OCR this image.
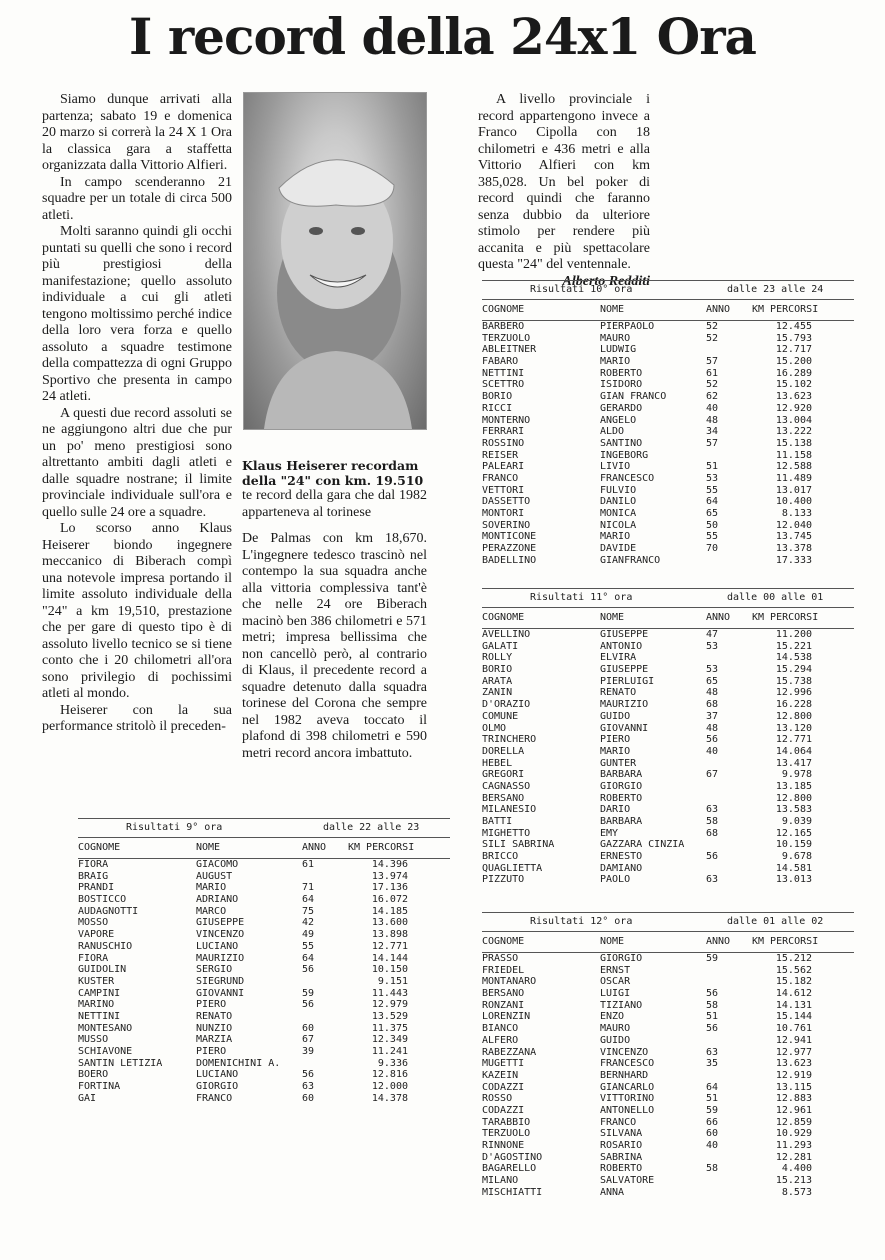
I record della 24x1 Ora

Siamo dunque arrivati alla partenza; sabato 19 e domenica 20 marzo si correrà la 24 X 1 Ora la classica gara a staffetta organizzata dalla Vittorio Alfieri.

In campo scenderanno 21 squadre per un totale di circa 500 atleti.

Molti saranno quindi gli occhi puntati su quelli che sono i record più prestigiosi della manifestazione; quello assoluto individuale a cui gli atleti tengono moltissimo perché indice della loro vera forza e quello assoluto a squadre testimone della compattezza di ogni Gruppo Sportivo che presenta in campo 24 atleti.

A questi due record assoluti se ne aggiungono altri due che pur un po' meno prestigiosi sono altrettanto ambiti dagli atleti e dalle squadre nostrane; il limite provinciale individuale sull'ora e quello sulle 24 ore a squadre.

Lo scorso anno Klaus Heiserer biondo ingegnere meccanico di Biberach compì una notevole impresa portando il limite assoluto individuale della "24" a km 19,510, prestazione che per gare di questo tipo è di assoluto livello tecnico se si tiene conto che i 20 chilometri all'ora sono privilegio di pochissimi atleti al mondo.

Heiserer con la sua performance stritolò il preceden-

Klaus Heiserer recordam della "24" con km. 19.510
te record della gara che dal 1982 apparteneva al torinese
De Palmas con km 18,670. L'ingegnere tedesco trascinò nel contempo la sua squadra anche alla vittoria complessiva tant'è che nelle 24 ore Biberach macinò ben 386 chilometri e 571 metri; impresa bellissima che non cancellò però, al contrario di Klaus, il precedente record a squadre detenuto dalla squadra torinese del Corona che sempre nel 1982 aveva toccato il plafond di 398 chilometri e 590 metri record ancora imbattuto.

A livello provinciale i record appartengono invece a Franco Cipolla con 18 chilometri e 436 metri e alla Vittorio Alfieri con km 385,028. Un bel poker di record quindi che faranno senza dubbio da ulteriore stimolo per rendere più accanita e più spettacolare questa "24" del ventennale.

Alberto Redditi
Risultati 10° ora	dalle 23 alle 24
COGNOME	NOME	ANNO KM PERCORSI
BARBERO	PIERPAOLO	52	12.455
TERZUOLO	MAURO	52	15.793
ABLEITNER	LUDWIG	12.717
FABARO	MARIO	57	15.200
NETTINI	ROBERTO	61	16.289
SCETTRO	ISIDORO	52	15.102
BORIO	GIAN FRANCO	62	13.623
RICCI	GERARDO	40	12.920
MONTERNO	ANGELO	48	13.004
FERRARI	ALDO	34	13.222
ROSSINO	SANTINO	57	15.138
REISER	INGEBORG	11.158
PALEARI	LIVIO	51	12.588
FRANCO	FRANCESCO	53	11.489
VETTORI	FULVIO	55	13.017
DASSETTO	DANILO	64	10.400
MONTORI	MONICA	65	8.133
SOVERINO	NICOLA	50	12.040
MONTICONE	MARIO	55	13.745
PERAZZONE	DAVIDE	70	13.378
BADELLINO	GIANFRANCO	17.333
Risultati 11° ora	dalle 00 alle 01
COGNOME	NOME	ANNO KM PERCORSI
AVELLINO	GIUSEPPE	47	11.200
GALATI	ANTONIO	53	15.221
ROLLY	ELVIRA	14.538
BORIO	GIUSEPPE	53	15.294
ARATA	PIERLUIGI	65	15.738
ZANIN	RENATO	48	12.996
D'ORAZIO	MAURIZIO	68	16.228
COMUNE	GUIDO	37	12.800
OLMO	GIOVANNI	48	13.120
TRINCHERO	PIERO	56	12.771
DORELLA	MARIO	40	14.064
HEBEL	GUNTER	13.417
GREGORI	BARBARA	67	9.978
CAGNASSO	GIORGIO	13.185
BERSANO	ROBERTO	12.800
MILANESIO	DARIO	63	13.583
BATTI	BARBARA	58	9.039
MIGHETTO	EMY	68	12.165
SILI SABRINA	GAZZARA CINZIA	10.159
BRICCO	ERNESTO	56	9.678
QUAGLIETTA	DAMIANO	14.581
PIZZUTO	PAOLO	63	13.013
Risultati 12° ora	dalle 01 alle 02
COGNOME	NOME	ANNO KM PERCORSI
PRASSO	GIORGIO	59	15.212
FRIEDEL	ERNST	15.562
MONTANARO	OSCAR	15.182
BERSANO	LUIGI	56	14.612
RONZANI	TIZIANO	58	14.131
LORENZIN	ENZO	51	15.144
BIANCO	MAURO	56	10.761
ALFERO	GUIDO	12.941
RABEZZANA	VINCENZO	63	12.977
MUGETTI	FRANCESCO	35	13.623
KAZEIN	BERNHARD	12.919
CODAZZI	GIANCARLO	64	13.115
ROSSO	VITTORINO	51	12.883
CODAZZI	ANTONELLO	59	12.961
TARABBIO	FRANCO	66	12.859
TERZUOLO	SILVANA	60	10.929
RINNONE	ROSARIO	40	11.293
D'AGOSTINO	SABRINA	12.281
BAGARELLO	ROBERTO	58	4.400
MILANO	SALVATORE	15.213
MISCHIATTI	ANNA	8.573
Risultati 9° ora	dalle 22 alle 23
COGNOME	NOME	ANNO KM PERCORSI
FIORA	GIACOMO	61	14.396
BRAIG	AUGUST	13.974
PRANDI	MARIO	71	17.136
BOSTICCO	ADRIANO	64	16.072
AUDAGNOTTI	MARCO	75	14.185
MOSSO	GIUSEPPE	42	13.600
VAPORE	VINCENZO	49	13.898
RANUSCHIO	LUCIANO	55	12.771
FIORA	MAURIZIO	64	14.144
GUIDOLIN	SERGIO	56	10.150
KUSTER	SIEGRUND	9.151
CAMPINI	GIOVANNI	59	11.443
MARINO	PIERO	56	12.979
NETTINI	RENATO	13.529
MONTESANO	NUNZIO	60	11.375
MUSSO	MARZIA	67	12.349
SCHIAVONE	PIERO	39	11.241
SANTIN LETIZIA	DOMENICHINI A.	9.336
BOERO	LUCIANO	56	12.816
FORTINA	GIORGIO	63	12.000
GAI	FRANCO	60	14.378
